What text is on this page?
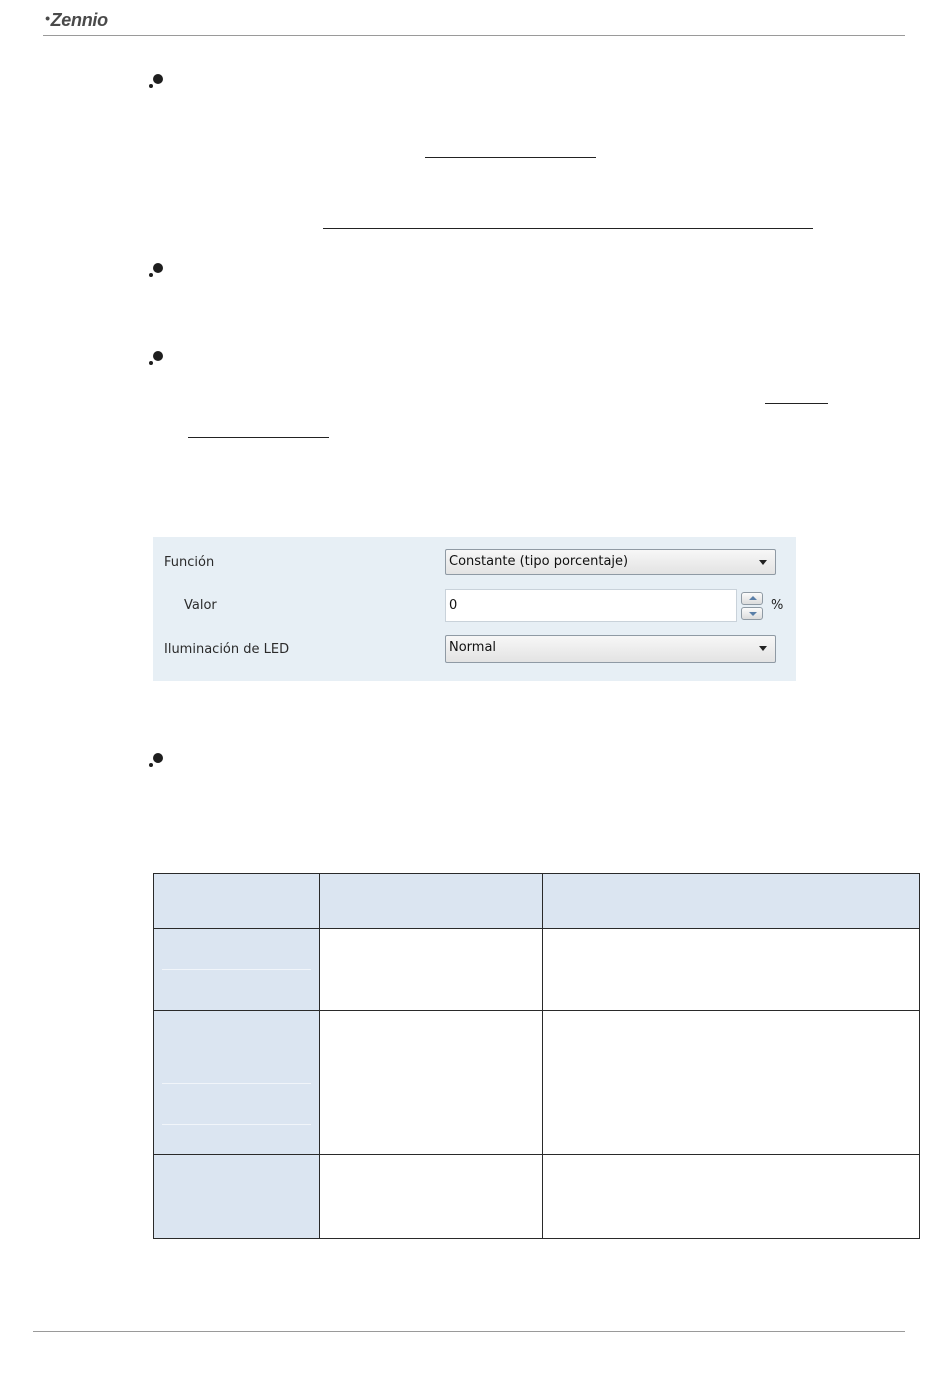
•Zennio
Función	Constante (tipo porcentaje)
Valor	0	%
Iluminación de LED	Normal
